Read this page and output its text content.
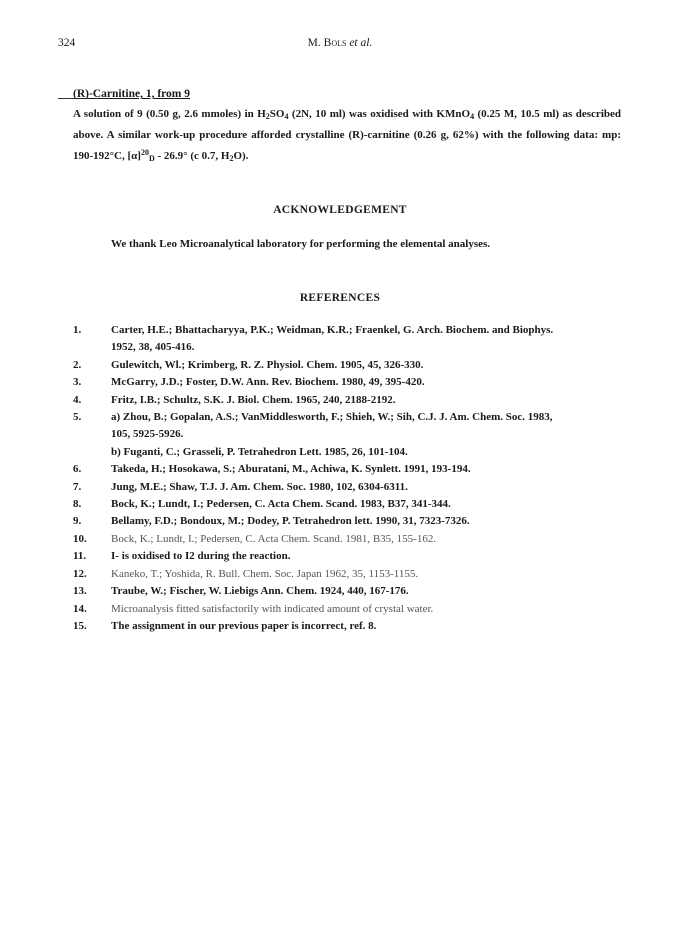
324	M. Bols et al.
(R)-Carnitine, 1, from 9
A solution of 9 (0.50 g, 2.6 mmoles) in $H_2SO_4$ (2N, 10 ml) was oxidised with KMnO$_4$ (0.25 M, 10.5 ml) as described above. A similar work-up procedure afforded crystalline (R)-carnitine (0.26 g, 62%) with the following data: mp: 190-192°C, $[\alpha]^{20}_D - 26.9^\circ$ (c 0.7, $H_2O$).
ACKNOWLEDGEMENT
We thank Leo Microanalytical laboratory for performing the elemental analyses.
REFERENCES
1.	Carter, H.E.; Bhattacharyya, P.K.; Weidman, K.R.; Fraenkel, G. Arch. Biochem. and Biophys.
1952, 38, 405-416.
2.	Gulewitch, Wl.; Krimberg, R. Z. Physiol. Chem. 1905, 45, 326-330.
3.	McGarry, J.D.; Foster, D.W. Ann. Rev. Biochem. 1980, 49, 395-420.
4.	Fritz, I.B.; Schultz, S.K. J. Biol. Chem. 1965, 240, 2188-2192.
5.	a) Zhou, B.; Gopalan, A.S.; VanMiddlesworth, F.; Shieh, W.; Sih, C.J. J. Am. Chem. Soc. 1983,
105, 5925-5926.
b) Fuganti, C.; Grasseli, P. Tetrahedron Lett. 1985, 26, 101-104.
6.	Takeda, H.; Hosokawa, S.; Aburatani, M., Achiwa, K. Synlett. 1991, 193-194.
7.	Jung, M.E.; Shaw, T.J. J. Am. Chem. Soc. 1980, 102, 6304-6311.
8.	Bock, K.; Lundt, I.; Pedersen, C. Acta Chem. Scand. 1983, B37, 341-344.
9.	Bellamy, F.D.; Bondoux, M.; Dodey, P. Tetrahedron lett. 1990, 31, 7323-7326.
10.	Bock, K.; Lundt, I.; Pedersen, C. Acta Chem. Scand. 1981, B35, 155-162.
11.	I- is oxidised to I2 during the reaction.
12.	Kaneko, T.; Yoshida, R. Bull. Chem. Soc. Japan 1962, 35, 1153-1155.
13.	Traube, W.; Fischer, W. Liebigs Ann. Chem. 1924, 440, 167-176.
14.	Microanalysis fitted satisfactorily with indicated amount of crystal water.
15.	The assignment in our previous paper is incorrect, ref. 8.
